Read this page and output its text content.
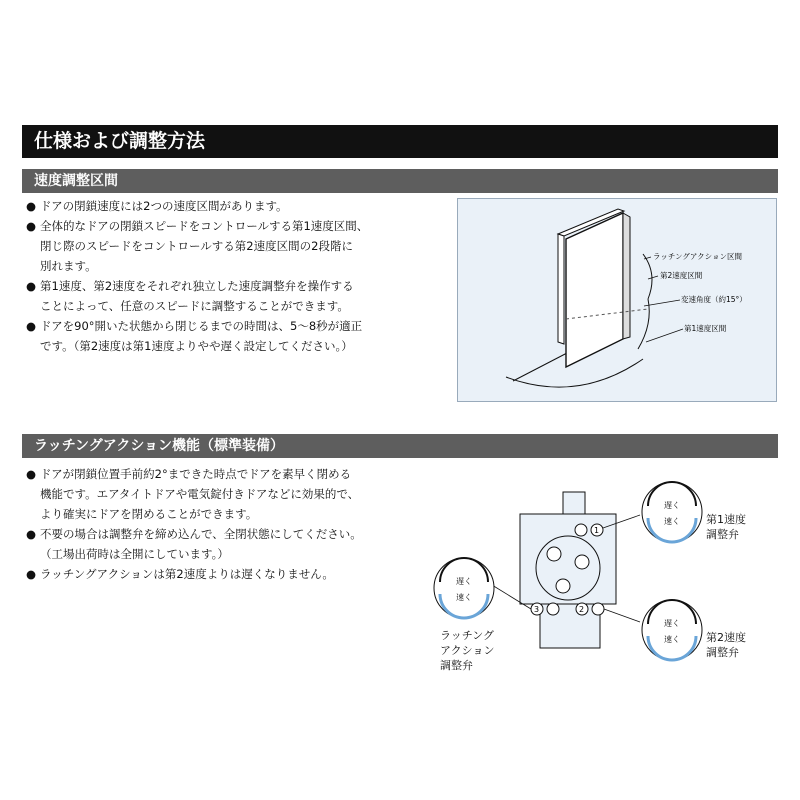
仕様および調整方法
速度調整区間
● ドアの閉鎖速度には2つの速度区間があります。
● 全体的なドアの閉鎖スピードをコントロールする第1速度区間、
閉じ際のスピードをコントロールする第2速度区間の2段階に
別れます。
● 第1速度、第2速度をそれぞれ独立した速度調整弁を操作する
ことによって、任意のスピードに調整することができます。
● ドアを90°開いた状態から閉じるまでの時間は、5〜8秒が適正
です。（第2速度は第1速度よりやや遅く設定してください。）
ラッチングアクション区間
第2速度区間
変速角度（約15°）
第1速度区間
ラッチングアクション機能（標準装備）
● ドアが閉鎖位置手前約2°まできた時点でドアを素早く閉める
機能です。エアタイトドアや電気錠付きドアなどに効果的で、
より確実にドアを閉めることができます。
● 不要の場合は調整弁を締め込んで、全閉状態にしてください。
（工場出荷時は全開にしています。）
● ラッチングアクションは第2速度よりは遅くなりません。
1
2
3
遅く
速く
遅く
速く
遅く
速く
第1速度
調整弁
第2速度
調整弁
ラッチング
アクション
調整弁
